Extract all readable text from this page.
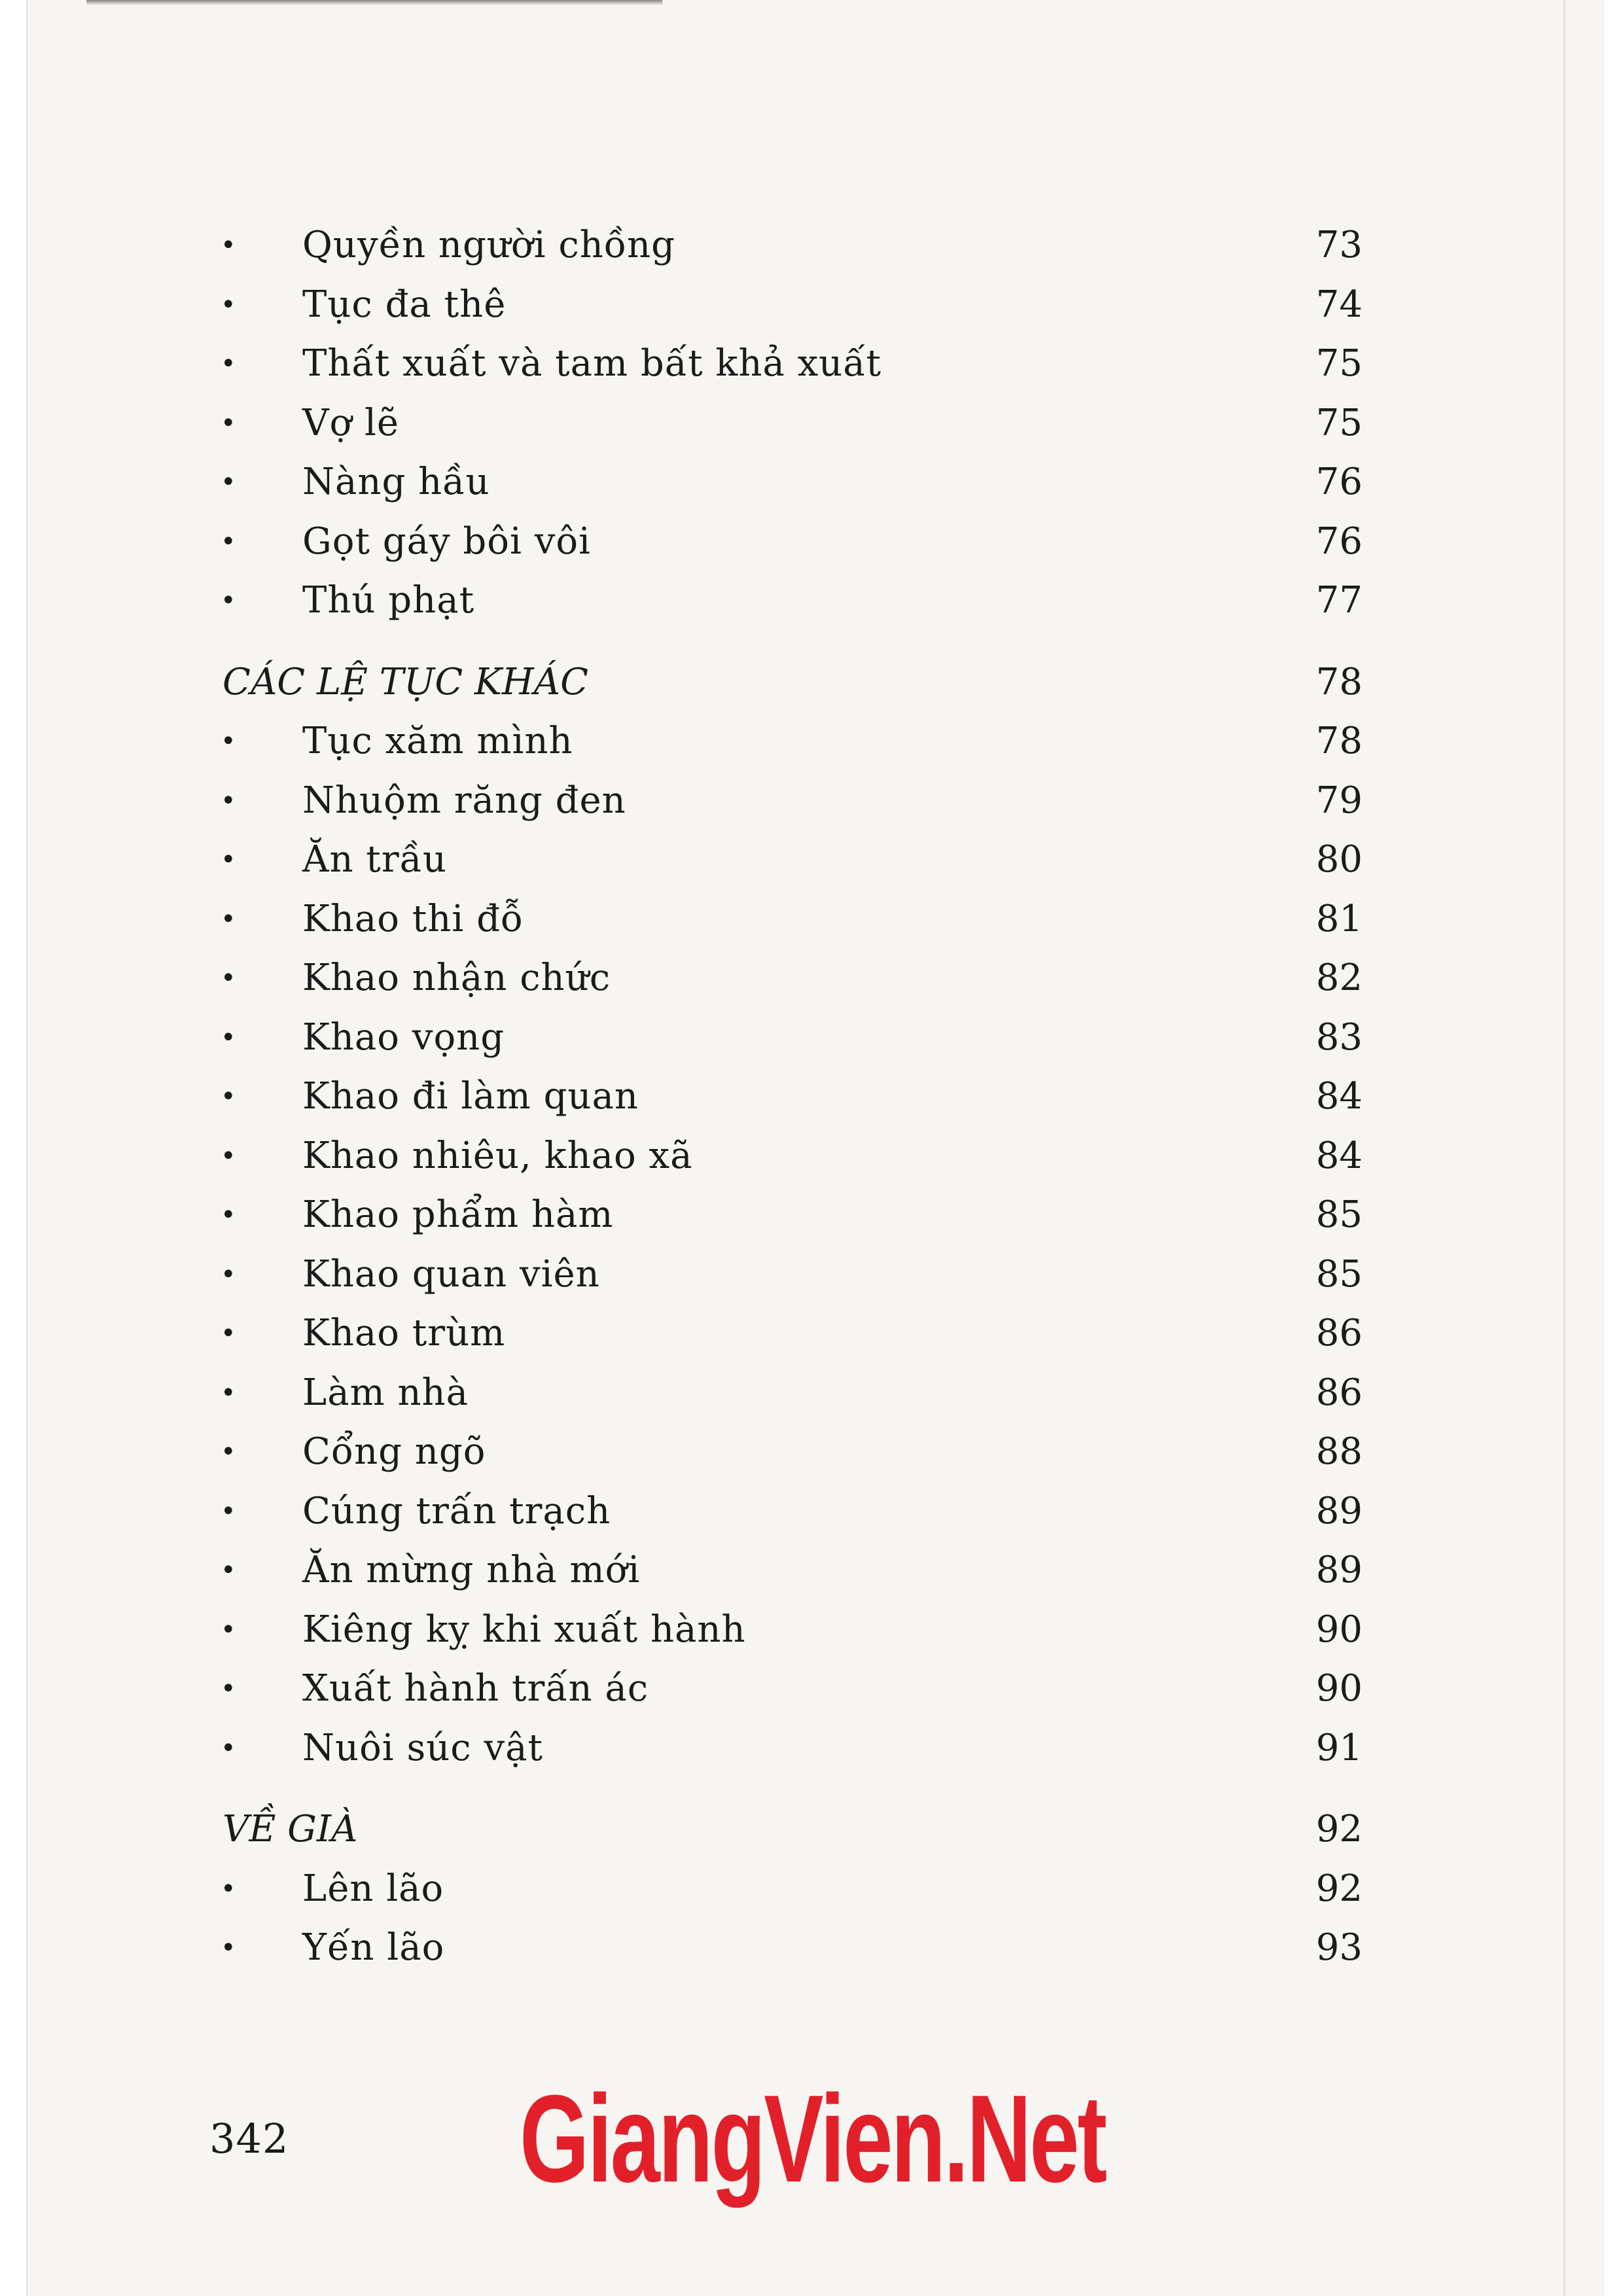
• Quyền người chồng	73
• Tục đa thê	74
• Thất xuất và tam bất khả xuất	75
• Vợ lẽ	75
• Nàng hầu	76
• Gọt gáy bôi vôi	76
• Thú phạt	77
CÁC LỆ TỤC KHÁC	78
• Tục xăm mình	78
• Nhuộm răng đen	79
• Ăn trầu	80
• Khao thi đỗ	81
• Khao nhận chức	82
• Khao vọng	83
• Khao đi làm quan	84
• Khao nhiêu, khao xã	84
• Khao phẩm hàm	85
• Khao quan viên	85
• Khao trùm	86
• Làm nhà	86
• Cổng ngõ	88
• Cúng trấn trạch	89
• Ăn mừng nhà mới	89
• Kiêng kỵ khi xuất hành	90
• Xuất hành trấn ác	90
• Nuôi súc vật	91
VỀ GIÀ	92
• Lên lão	92
• Yến lão	93
342 GiangVien.Net
